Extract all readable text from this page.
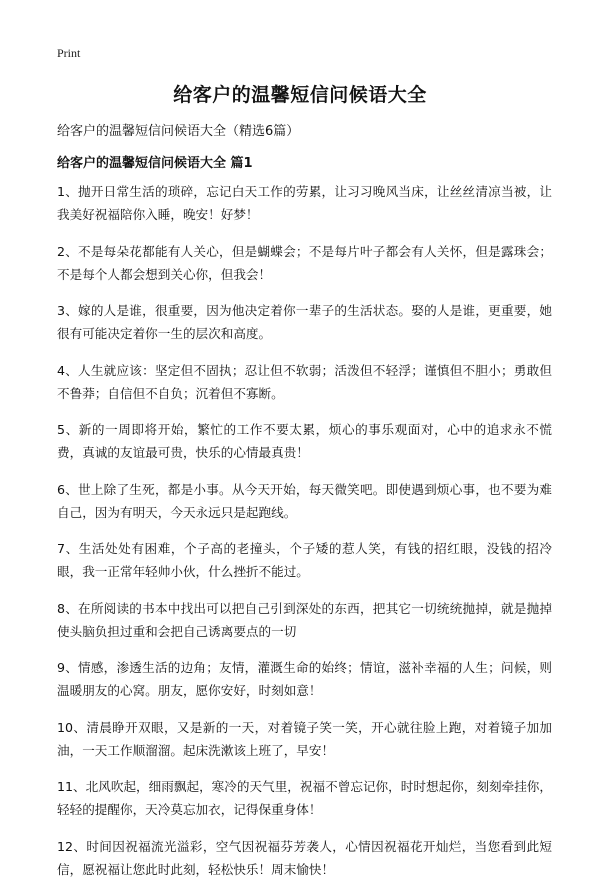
Print
给客户的温馨短信问候语大全
给客户的温馨短信问候语大全（精选6篇）
给客户的温馨短信问候语大全 篇1

1、抛开日常生活的琐碎，忘记白天工作的劳累，让习习晚风当床，让丝丝清凉当被，让我美好祝福陪你入睡，晚安！好梦！

2、不是每朵花都能有人关心，但是蝴蝶会；不是每片叶子都会有人关怀，但是露珠会；不是每个人都会想到关心你，但我会！

3、嫁的人是谁，很重要，因为他决定着你一辈子的生活状态。娶的人是谁，更重要，她很有可能决定着你一生的层次和高度。

4、人生就应该：坚定但不固执；忍让但不软弱；活泼但不轻浮；谨慎但不胆小；勇敢但不鲁莽；自信但不自负；沉着但不寡断。

5、新的一周即将开始，繁忙的工作不要太累，烦心的事乐观面对，心中的追求永不慌费，真诚的友谊最可贵，快乐的心情最真贵！

6、世上除了生死，都是小事。从今天开始，每天微笑吧。即使遇到烦心事，也不要为难自己，因为有明天，今天永远只是起跑线。

7、生活处处有困难，个子高的老撞头，个子矮的惹人笑，有钱的招红眼，没钱的招冷眼，我一正常年轻帅小伙，什么挫折不能过。

8、在所阅读的书本中找出可以把自己引到深处的东西，把其它一切统统抛掉，就是抛掉使头脑负担过重和会把自己诱离要点的一切

9、情感，渗透生活的边角；友情，灌溉生命的始终；情谊，滋补幸福的人生；问候，则温暖朋友的心窝。朋友，愿你安好，时刻如意！

10、清晨睁开双眼，又是新的一天，对着镜子笑一笑，开心就往脸上跑，对着镜子加加油，一天工作顺溜溜。起床洗漱该上班了，早安！

11、北风吹起，细雨飘起，寒冷的天气里，祝福不曾忘记你，时时想起你，刻刻牵挂你，轻轻的提醒你，天冷莫忘加衣，记得保重身体！

12、时间因祝福流光溢彩，空气因祝福芬芳袭人，心情因祝福花开灿烂，当您看到此短信，愿祝福让您此时此刻，轻松快乐！周末愉快！
